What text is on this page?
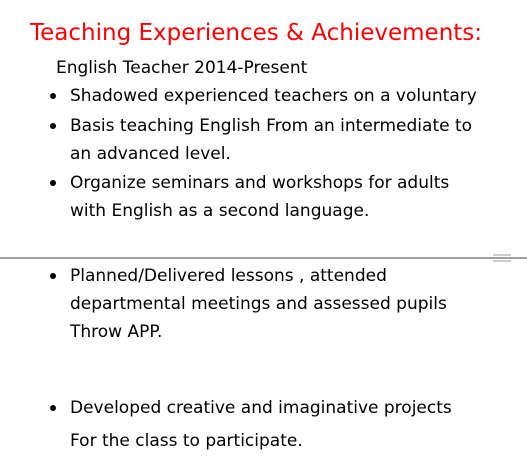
Teaching Experiences & Achievements:
English Teacher 2014-Present
Shadowed experienced teachers on a voluntary
Basis teaching English From an intermediate to
an advanced level.
Organize seminars and workshops for adults
with English as a second language.
Planned/Delivered lessons , attended
departmental meetings and assessed pupils
Throw APP.
Developed creative and imaginative projects
For the class to participate.
